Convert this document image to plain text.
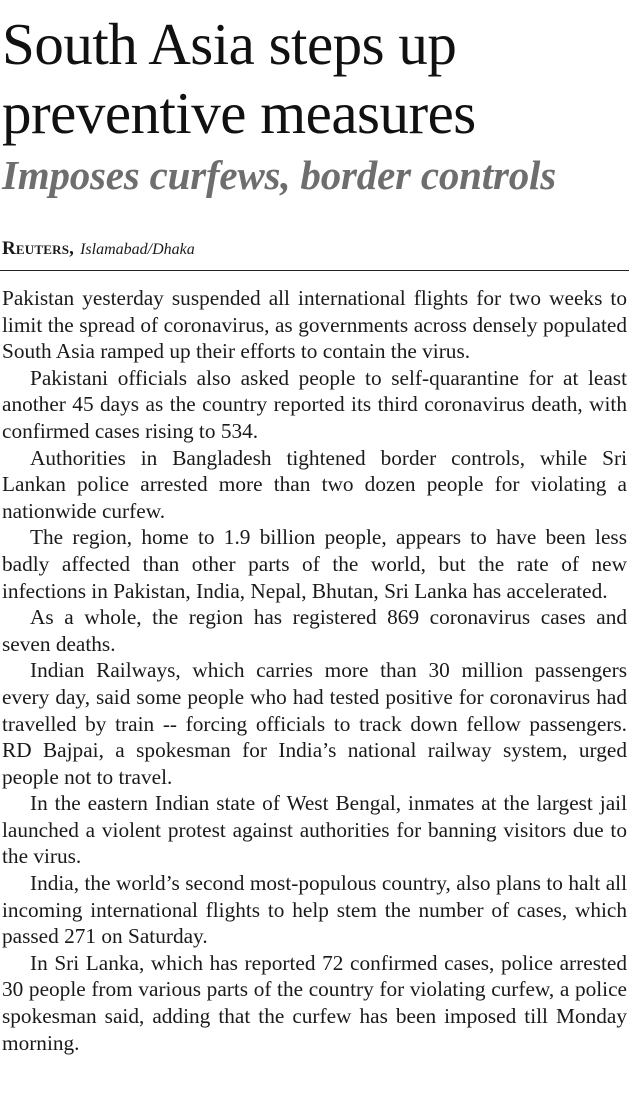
South Asia steps up
preventive measures
Imposes curfews, border controls
Reuters, Islamabad/Dhaka

Pakistan yesterday suspended all international flights for two weeks to limit the spread of coronavirus, as governments across densely populated South Asia ramped up their efforts to contain the virus.

Pakistani officials also asked people to self-quarantine for at least another 45 days as the country reported its third coronavirus death, with confirmed cases rising to 534.

Authorities in Bangladesh tightened border controls, while Sri Lankan police arrested more than two dozen people for violating a nationwide curfew.

The region, home to 1.9 billion people, appears to have been less badly affected than other parts of the world, but the rate of new infections in Pakistan, India, Nepal, Bhutan, Sri Lanka has accelerated.

As a whole, the region has registered 869 coronavirus cases and seven deaths.

Indian Railways, which carries more than 30 million passengers every day, said some people who had tested positive for coronavirus had travelled by train -- forcing officials to track down fellow passengers. RD Bajpai, a spokesman for India’s national railway system, urged people not to travel.

In the eastern Indian state of West Bengal, inmates at the largest jail launched a violent protest against authorities for banning visitors due to the virus.

India, the world’s second most-populous country, also plans to halt all incoming international flights to help stem the number of cases, which passed 271 on Saturday.

In Sri Lanka, which has reported 72 confirmed cases, police arrested 30 people from various parts of the country for violating curfew, a police spokesman said, adding that the curfew has been imposed till Monday morning.
